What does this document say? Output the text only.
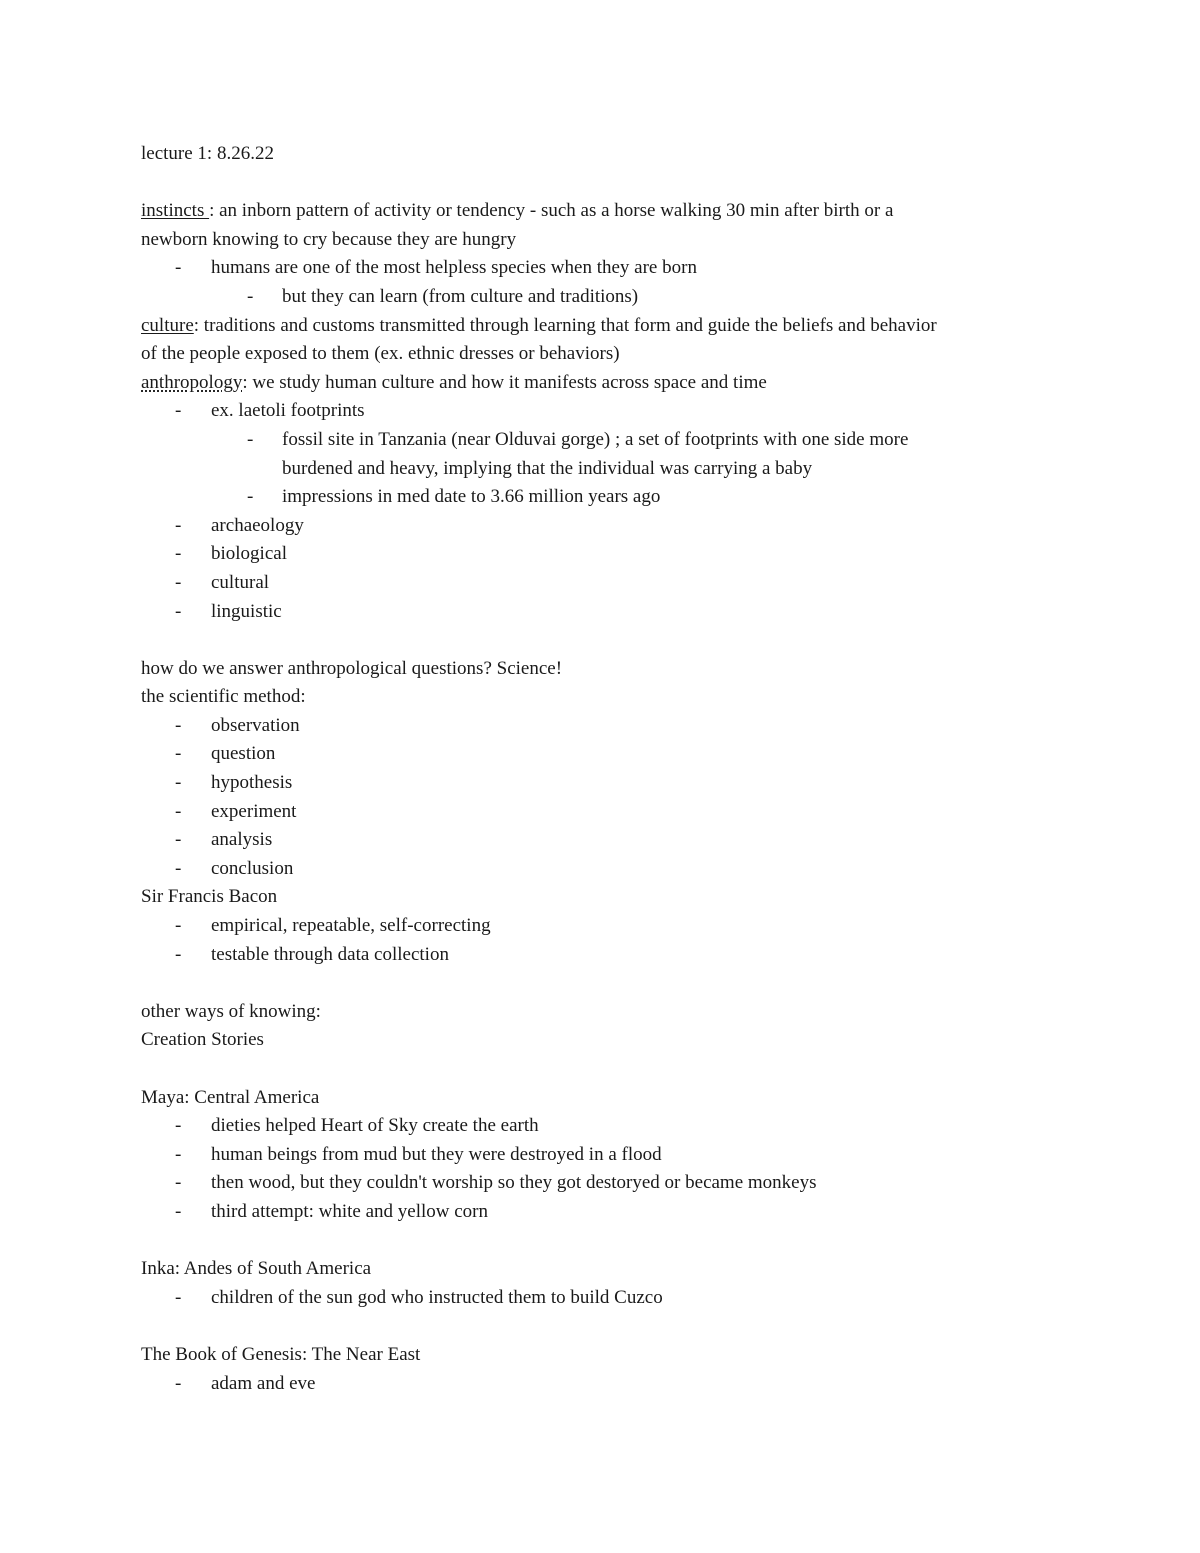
lecture 1: 8.26.22
instincts : an inborn pattern of activity or tendency - such as a horse walking 30 min after birth or a
newborn knowing to cry because they are hungry
- humans are one of the most helpless species when they are born
- but they can learn (from culture and traditions)
culture: traditions and customs transmitted through learning that form and guide the beliefs and behavior
of the people exposed to them (ex. ethnic dresses or behaviors)
anthropology: we study human culture and how it manifests across space and time
- ex. laetoli footprints
- fossil site in Tanzania (near Olduvai gorge) ; a set of footprints with one side more
burdened and heavy, implying that the individual was carrying a baby
- impressions in med date to 3.66 million years ago
- archaeology
- biological
- cultural
- linguistic
how do we answer anthropological questions? Science!
the scientific method:
- observation
- question
- hypothesis
- experiment
- analysis
- conclusion
Sir Francis Bacon
- empirical, repeatable, self-correcting
- testable through data collection
other ways of knowing:
Creation Stories
Maya: Central America
- dieties helped Heart of Sky create the earth
- human beings from mud but they were destroyed in a flood
- then wood, but they couldn't worship so they got destoryed or became monkeys
- third attempt: white and yellow corn
Inka: Andes of South America
- children of the sun god who instructed them to build Cuzco
The Book of Genesis: The Near East
- adam and eve
